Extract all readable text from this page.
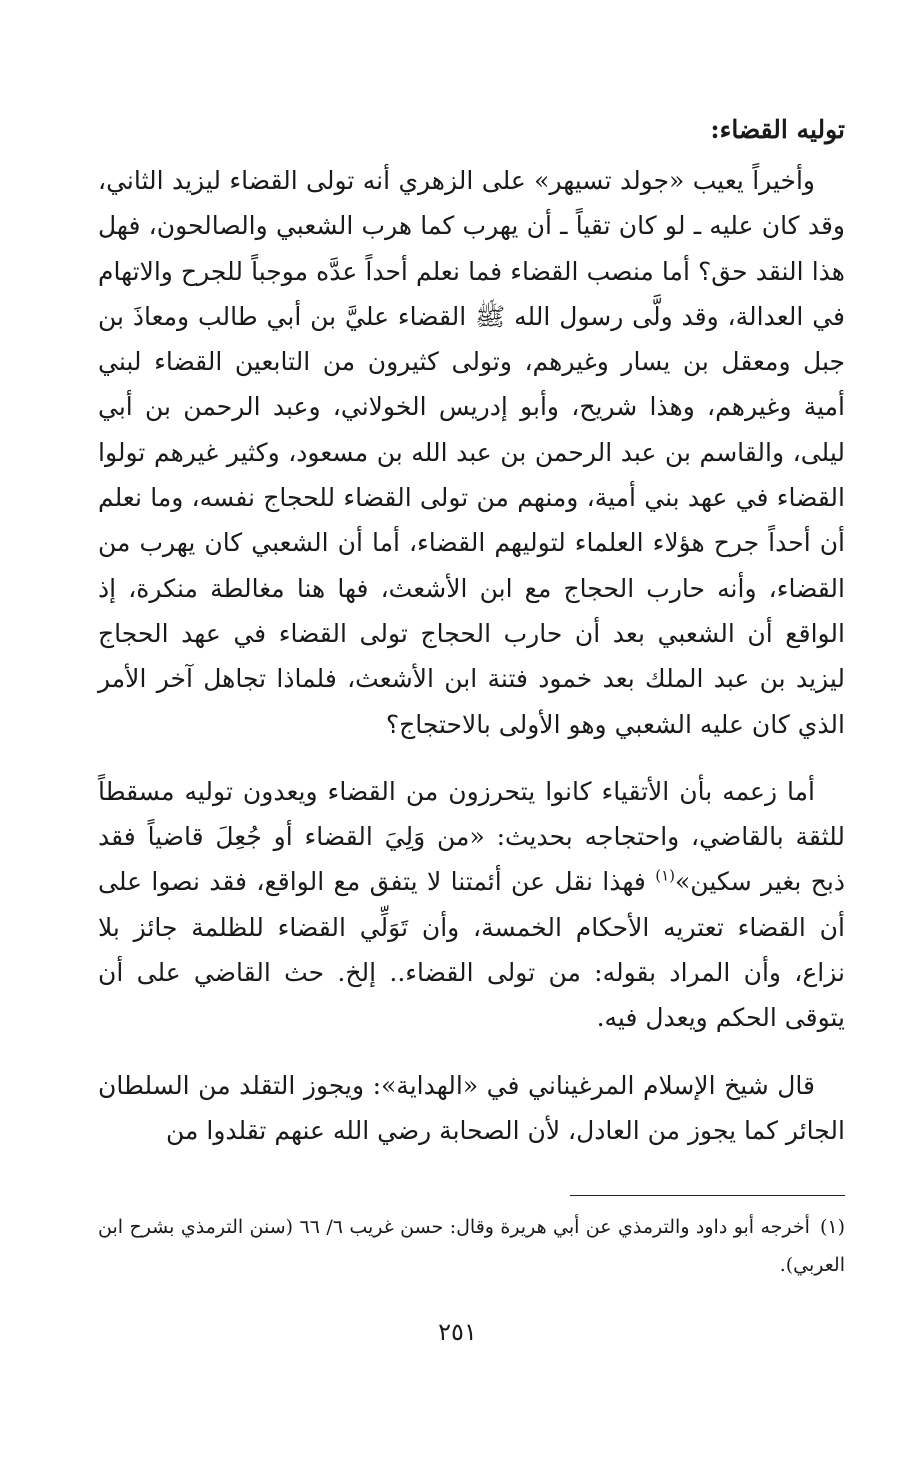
توليه القضاء:

وأخيراً يعيب «جولد تسيهر» على الزهري أنه تولى القضاء ليزيد الثاني، وقد كان عليه ـ لو كان تقياً ـ أن يهرب كما هرب الشعبي والصالحون، فهل هذا النقد حق؟ أما منصب القضاء فما نعلم أحداً عدَّه موجباً للجرح والاتهام في العدالة، وقد ولَّى رسول الله ﷺ القضاء عليَّ بن أبي طالب ومعاذَ بن جبل ومعقل بن يسار وغيرهم، وتولى كثيرون من التابعين القضاء لبني أمية وغيرهم، وهذا شريح، وأبو إدريس الخولاني، وعبد الرحمن بن أبي ليلى، والقاسم بن عبد الرحمن بن عبد الله بن مسعود، وكثير غيرهم تولوا القضاء في عهد بني أمية، ومنهم من تولى القضاء للحجاج نفسه، وما نعلم أن أحداً جرح هؤلاء العلماء لتوليهم القضاء، أما أن الشعبي كان يهرب من القضاء، وأنه حارب الحجاج مع ابن الأشعث، فها هنا مغالطة منكرة، إذ الواقع أن الشعبي بعد أن حارب الحجاج تولى القضاء في عهد الحجاج ليزيد بن عبد الملك بعد خمود فتنة ابن الأشعث، فلماذا تجاهل آخر الأمر الذي كان عليه الشعبي وهو الأولى بالاحتجاج؟

أما زعمه بأن الأتقياء كانوا يتحرزون من القضاء ويعدون توليه مسقطاً للثقة بالقاضي، واحتجاجه بحديث: «من وَلِيَ القضاء أو جُعِلَ قاضياً فقد ذبح بغير سكين»$^{(١)}$ فهذا نقل عن أئمتنا لا يتفق مع الواقع، فقد نصوا على أن القضاء تعتريه الأحكام الخمسة، وأن تَوَلِّي القضاء للظلمة جائز بلا نزاع، وأن المراد بقوله: من تولى القضاء.. إلخ. حث القاضي على أن يتوقى الحكم ويعدل فيه.

قال شيخ الإسلام المرغيناني في «الهداية»: ويجوز التقلد من السلطان الجائر كما يجوز من العادل، لأن الصحابة رضي الله عنهم تقلدوا من

(١)أخرجه أبو داود والترمذي عن أبي هريرة وقال: حسن غريب ٦/ ٦٦ (سنن الترمذي بشرح ابن العربي).
٢٥١
